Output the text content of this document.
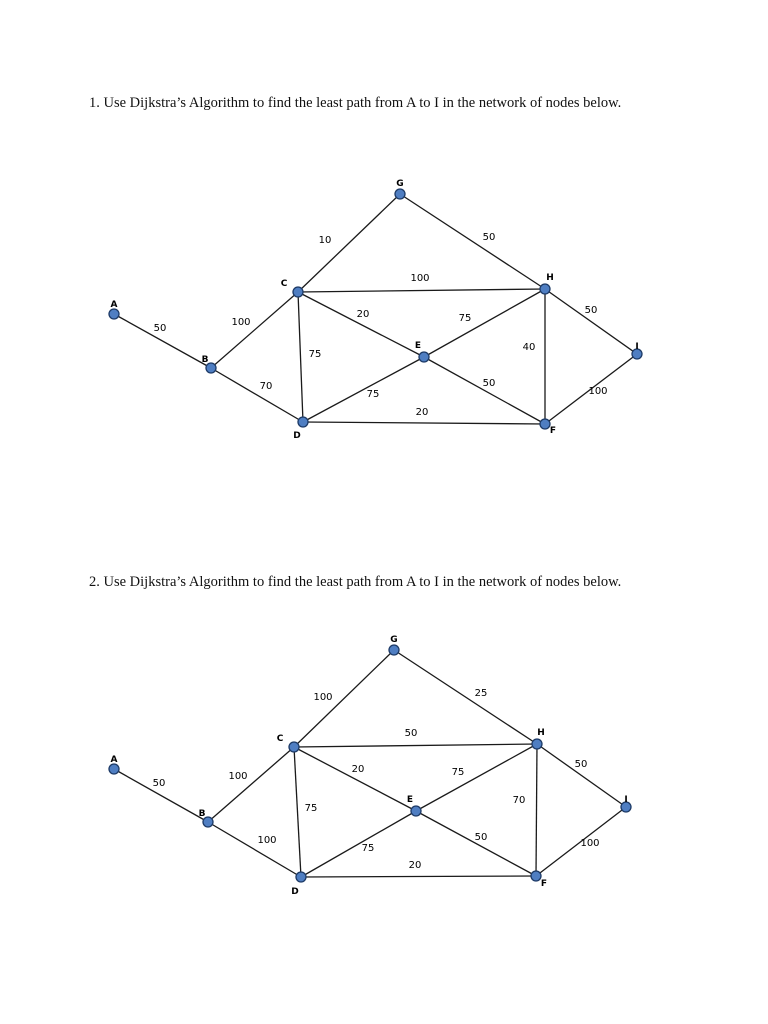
1. Use Dijkstra’s Algorithm to find the least path from A to I in the network of nodes below.
50
100
70
10	50
100
20
75
75
40
50
50
75
20
100
A
B
C
D
E
F
G
H
I
2. Use Dijkstra’s Algorithm to find the least path from A to I in the network of nodes below.
50
100
100
100	25
50
20
75
75
70
50
50
75
20
100
A
B
C
D
E
F
G
H
I
